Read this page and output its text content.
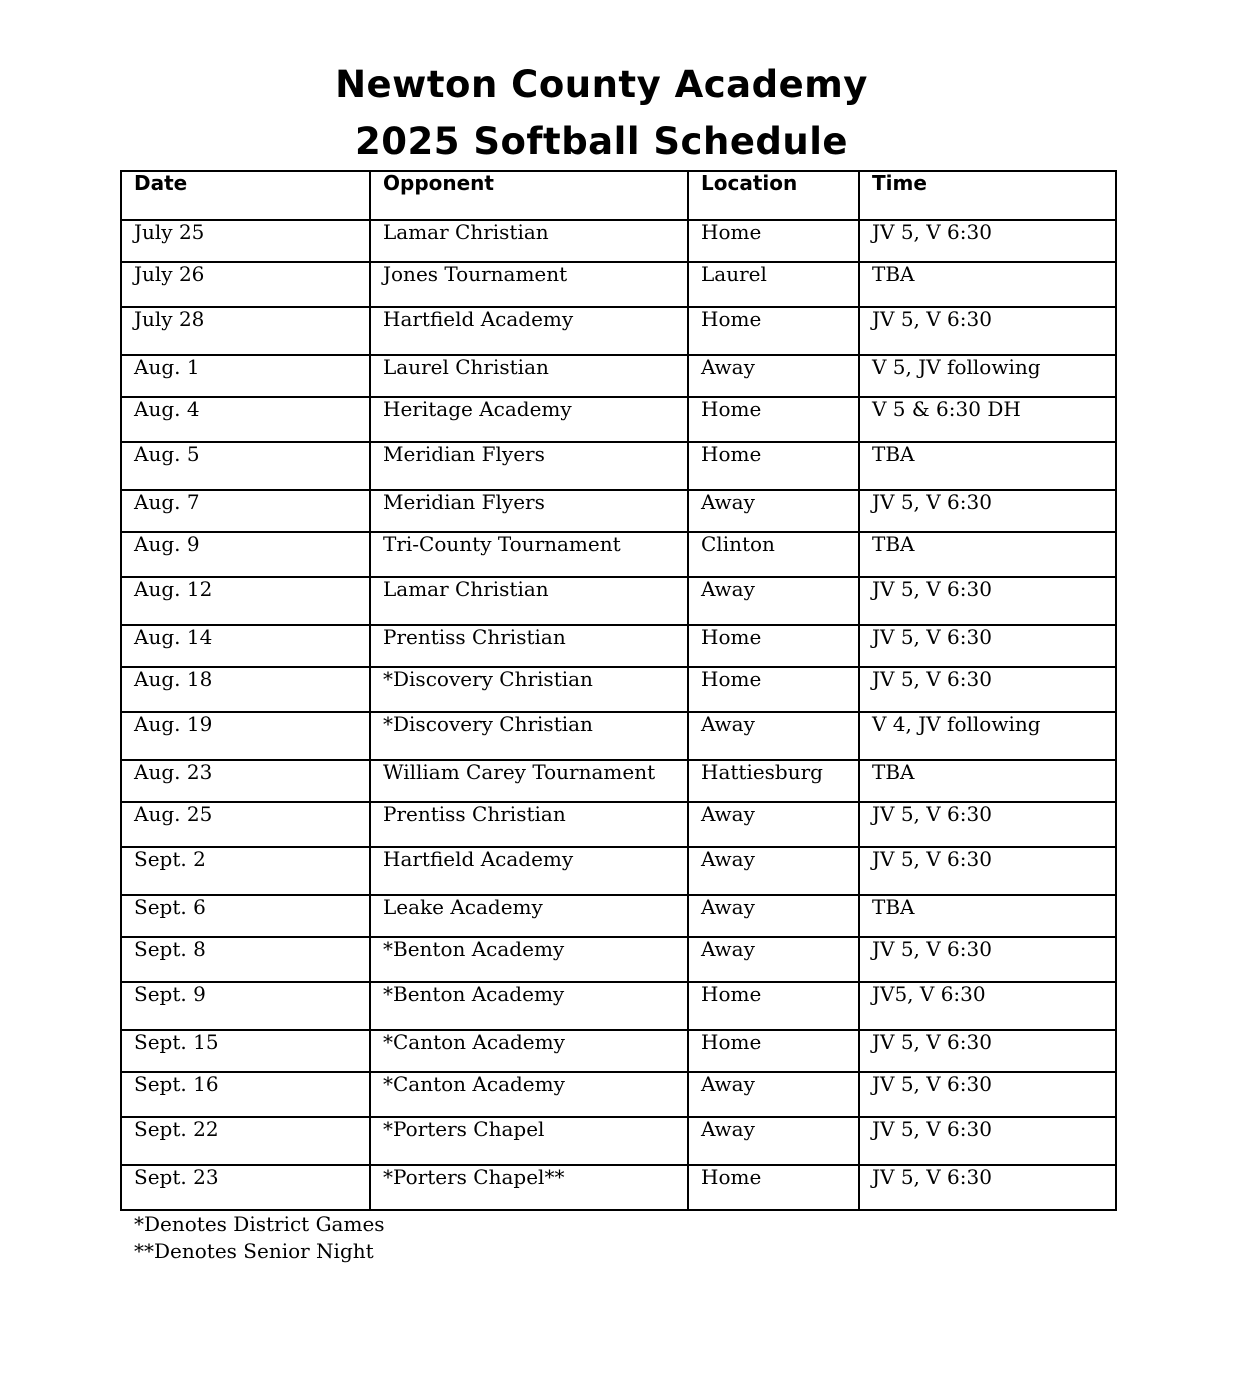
Newton County Academy

2025 Softball Schedule

Date	Opponent	Location	Time
July 25	Lamar Christian	Home	JV 5, V 6:30
July 26	Jones Tournament	Laurel	TBA
July 28	Hartfield Academy	Home	JV 5, V 6:30
Aug. 1	Laurel Christian	Away	V 5, JV following
Aug. 4	Heritage Academy	Home	V 5 & 6:30 DH
Aug. 5	Meridian Flyers	Home	TBA
Aug. 7	Meridian Flyers	Away	JV 5, V 6:30
Aug. 9	Tri-County Tournament	Clinton	TBA
Aug. 12	Lamar Christian	Away	JV 5, V 6:30
Aug. 14	Prentiss Christian	Home	JV 5, V 6:30
Aug. 18	*Discovery Christian	Home	JV 5, V 6:30
Aug. 19	*Discovery Christian	Away	V 4, JV following
Aug. 23	William Carey Tournament	Hattiesburg	TBA
Aug. 25	Prentiss Christian	Away	JV 5, V 6:30
Sept. 2	Hartfield Academy	Away	JV 5, V 6:30
Sept. 6	Leake Academy	Away	TBA
Sept. 8	*Benton Academy	Away	JV 5, V 6:30
Sept. 9	*Benton Academy	Home	JV5, V 6:30
Sept. 15	*Canton Academy	Home	JV 5, V 6:30
Sept. 16	*Canton Academy	Away	JV 5, V 6:30
Sept. 22	*Porters Chapel	Away	JV 5, V 6:30
Sept. 23	*Porters Chapel**	Home	JV 5, V 6:30

*Denotes District Games

**Denotes Senior Night
